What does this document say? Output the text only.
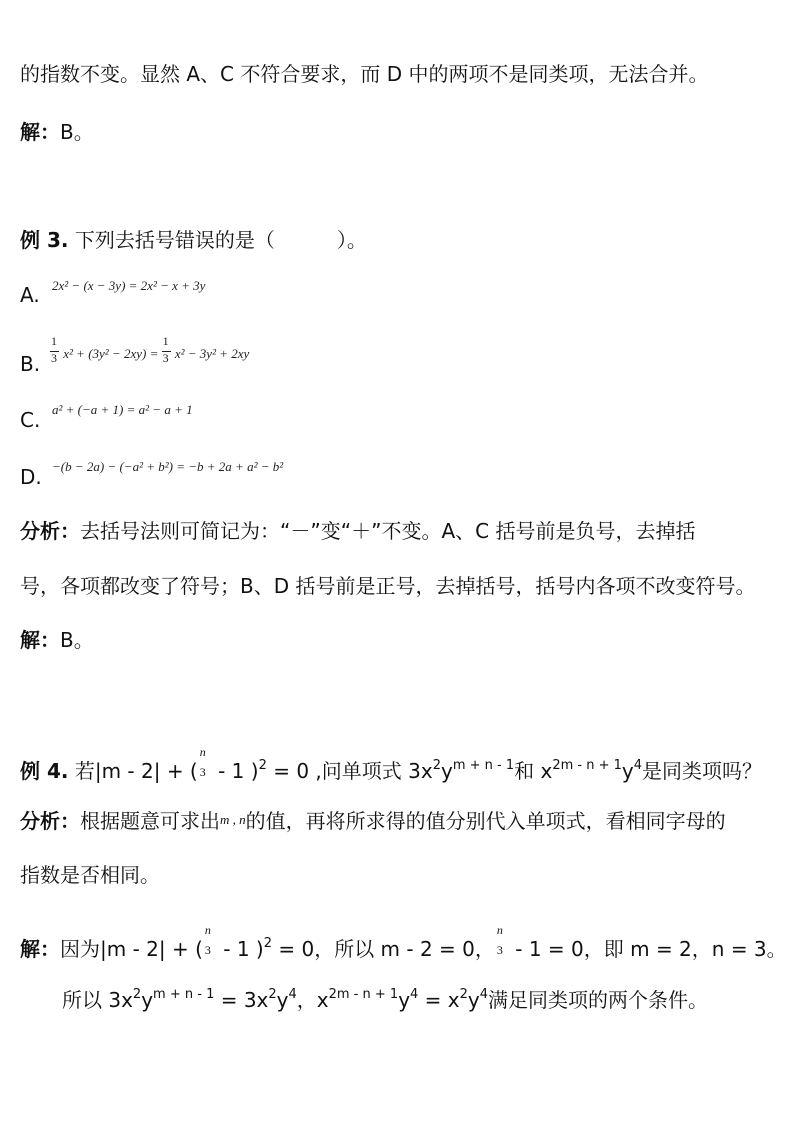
的指数不变。显然 A、C 不符合要求，而 D 中的两项不是同类项，无法合并。
解：B。
例 3. 下列去括号错误的是（	）。
A. 2x² − (x − 3y) = 2x² − x + 3y
B. $\frac{1}{3} x^2 + (3y^2 - 2xy) = \frac{1}{3} x^2 - 3y^2 + 2xy$
C. a² + (−a + 1) = a² − a + 1
D. −(b − 2a) − (−a² + b²) = −b + 2a + a² − b²
分析：去括号法则可简记为：“－”变“＋”不变。A、C 括号前是负号，去掉括
号，各项都改变了符号；B、D 括号前是正号，去掉括号，括号内各项不改变符号。
解：B。
例 4. 若|m - 2| + (
n
3 - 1 )$^2$ = 0 ,问单项式 $3x^2y^{m + n - 1}$和 $x^{2m - n + 1}y^4$是同类项吗？
分析：根据题意可求出$^{m , n}$的值，再将所求得的值分别代入单项式，看相同字母的
指数是否相同。
解：因为|m - 2| + (
n
3 - 1 )$^2$ = 0，所以 m - 2 = 0，
n
3 - 1 = 0，即 m = 2，n = 3。
所以 $3x^2y^{m + n - 1} = 3x^2y^4$，$x^{2m - n + 1}y^4 = x^2y^4$满足同类项的两个条件。
